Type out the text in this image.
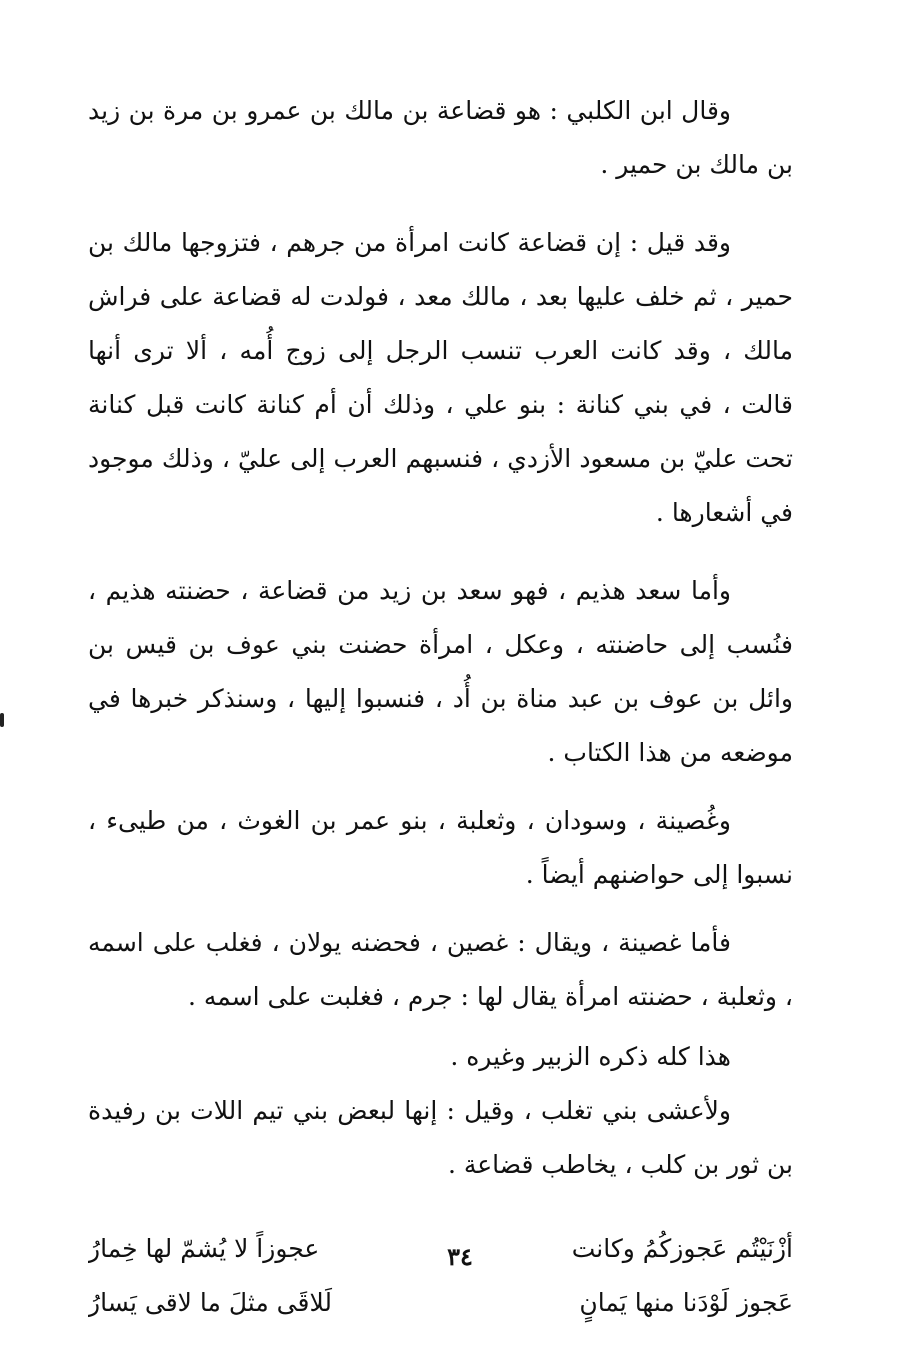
وقال ابن الكلبي : هو قضاعة بن مالك بن عمرو بن مرة بن زيد بن مالك بن حمير .

وقد قيل : إن قضاعة كانت امرأة من جرهم ، فتزوجها مالك بن حمير ، ثم خلف عليها بعد ، مالك معد ، فولدت له قضاعة على فراش مالك ، وقد كانت العرب تنسب الرجل إلى زوج أُمه ، ألا ترى أنها قالت ، في بني كنانة : بنو علي ، وذلك أن أم كنانة كانت قبل كنانة تحت عليّ بن مسعود الأزدي ، فنسبهم العرب إلى عليّ ، وذلك موجود في أشعارها .

وأما سعد هذيم ، فهو سعد بن زيد من قضاعة ، حضنته هذيم ، فنُسب إلى حاضنته ، وعكل ، امرأة حضنت بني عوف بن قيس بن وائل بن عوف بن عبد مناة بن أُد ، فنسبوا إليها ، وسنذكر خبرها في موضعه من هذا الكتاب .

وغُصينة ، وسودان ، وثعلبة ، بنو عمر بن الغوث ، من طيىء ، نسبوا إلى حواضنهم أيضاً .

فأما غصينة ، ويقال : غصين ، فحضنه يولان ، فغلب على اسمه ، وثعلبة ، حضنته امرأة يقال لها : جرم ، فغلبت على اسمه .

هذا كله ذكره الزبير وغيره .

ولأعشى بني تغلب ، وقيل : إنها لبعض بني تيم اللات بن رفيدة بن ثور بن كلب ، يخاطب قضاعة .

أزْنَيْتُم عَجوزكُمُ وكانت
عجوزاً لا يُشمّ لها خِمارُ
عَجوز لَوْدَنا منها يَمانٍ
لَلاقَى مثلَ ما لاقى يَسارُ
٣٤
